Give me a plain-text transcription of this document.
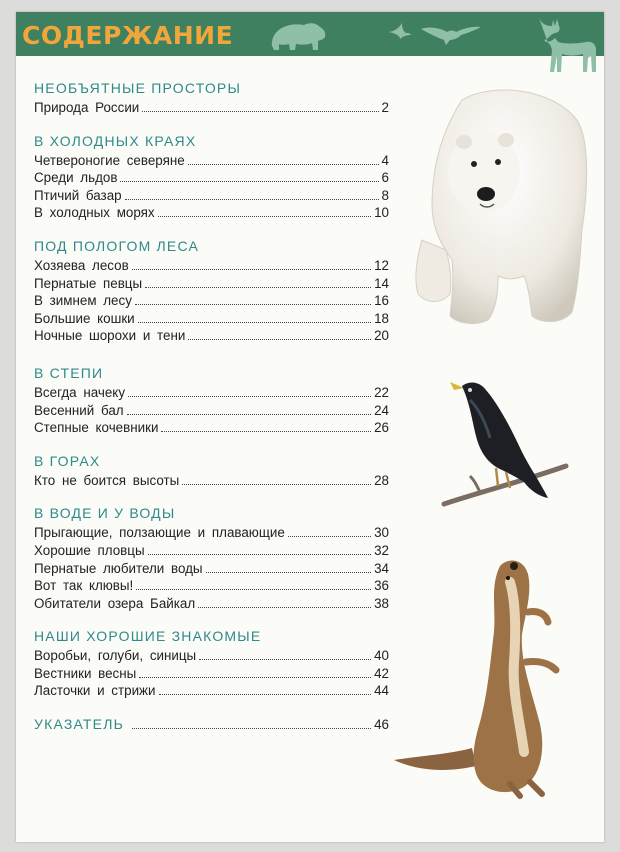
СОДЕРЖАНИЕ
НЕОБЪЯТНЫЕ ПРОСТОРЫ
Природа России	2
В ХОЛОДНЫХ КРАЯХ
Четвероногие северяне	4
Среди льдов	6
Птичий базар	8
В холодных морях	10
ПОД ПОЛОГОМ ЛЕСА
Хозяева лесов	12
Пернатые певцы	14
В зимнем лесу	16
Большие кошки	18
Ночные шорохи и тени	20
В СТЕПИ
Всегда начеку	22
Весенний бал	24
Степные кочевники	26
В ГОРАХ
Кто не боится высоты	28
В ВОДЕ И У ВОДЫ
Прыгающие, ползающие и плавающие	30
Хорошие пловцы	32
Пернатые любители воды	34
Вот так клювы!	36
Обитатели озера Байкал	38
НАШИ ХОРОШИЕ ЗНАКОМЫЕ
Воробьи, голуби, синицы	40
Вестники весны	42
Ласточки и стрижи	44
УКАЗАТЕЛЬ	46
